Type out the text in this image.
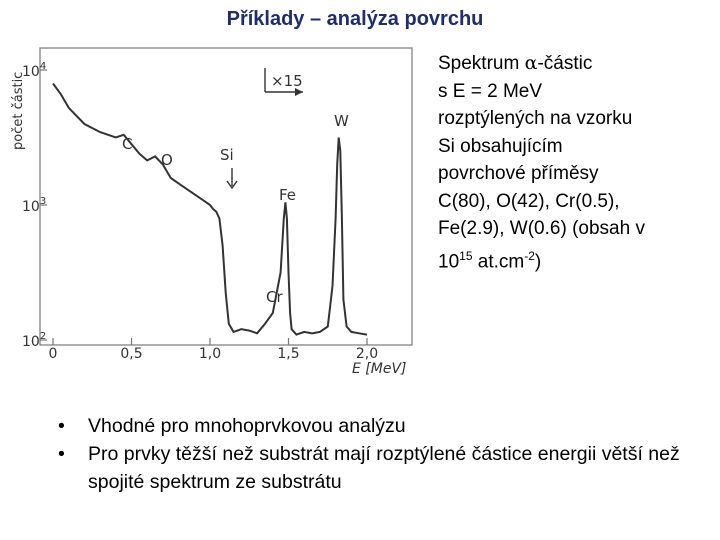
Příklady – analýza povrchu
$10^4$
$10^3$
$10^2$
0	0,5	1,0	1,5	2,0
×15
C
O	Si
Fe
Cr
W
počet částic
E [MeV]
Spektrum α-částic
s E = 2 MeV
rozptýlených na vzorku
Si obsahujícím
povrchové příměsy
C(80), O(42), Cr(0.5),
Fe(2.9), W(0.6) (obsah v
$10^{15}$ $at.cm^{-2}$)
• Vhodné pro mnohoprvkovou analýzu
• Pro prvky těžší než substrát mají rozptýlené částice energii větší než spojité spektrum ze substrátu
